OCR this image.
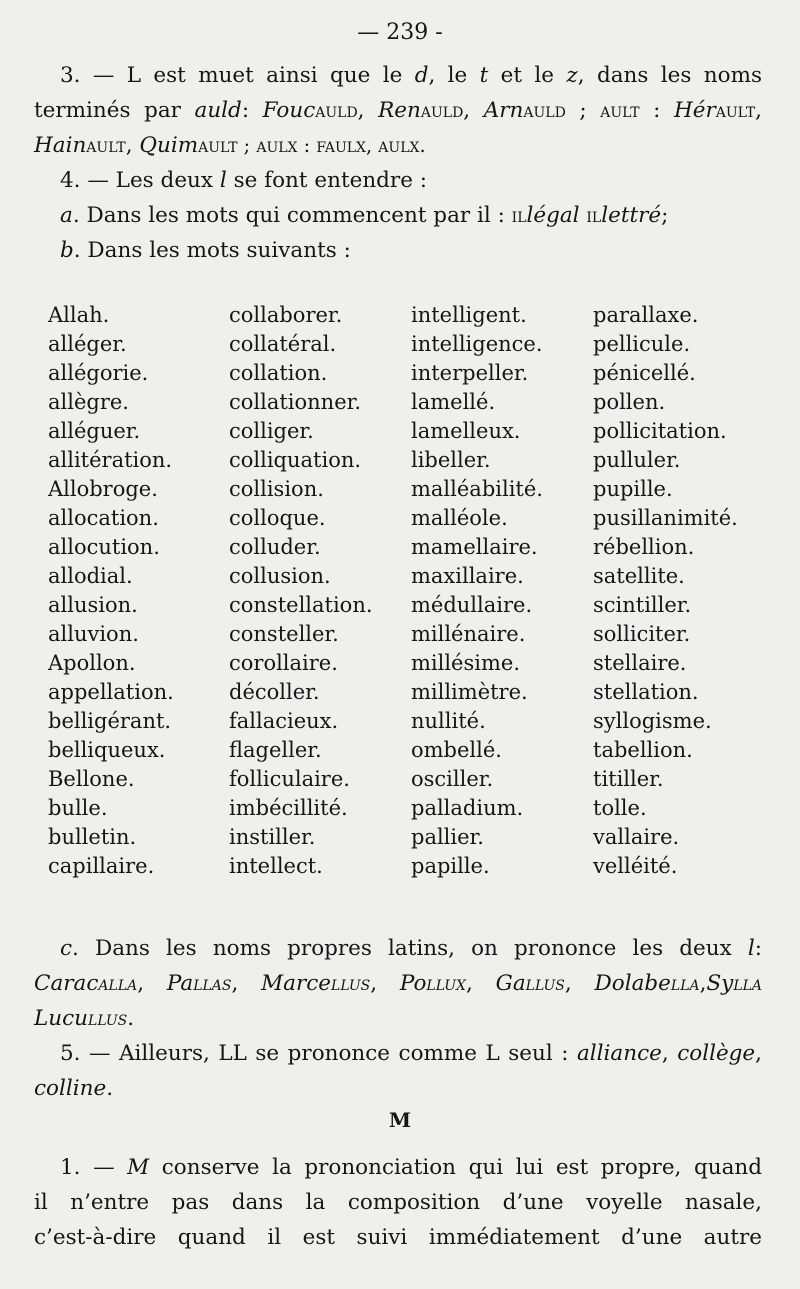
— 239 -

3. — L est muet ainsi que le d, le t et le z, dans les noms

terminés par auld: Foucauld, Renauld, Arnauld ; ault : Hérault,

Hainault, Quimault ; aulx : faulx, aulx.

4. — Les deux l se font entendre :

a. Dans les mots qui commencent par il : illégal illettré;

b. Dans les mots suivants :

Allah.	collaborer.	intelligent.	parallaxe.
alléger.	collatéral.	intelligence.	pellicule.
allégorie.	collation.	interpeller.	pénicellé.
allègre.	collationner.	lamellé.	pollen.
alléguer.	colliger.	lamelleux.	pollicitation.
allitération.	colliquation.	libeller.	pulluler.
Allobroge.	collision.	malléabilité.	pupille.
allocation.	colloque.	malléole.	pusillanimité.
allocution.	colluder.	mamellaire.	rébellion.
allodial.	collusion.	maxillaire.	satellite.
allusion.	constellation.	médullaire.	scintiller.
alluvion.	consteller.	millénaire.	solliciter.
Apollon.	corollaire.	millésime.	stellaire.
appellation.	décoller.	millimètre.	stellation.
belligérant.	fallacieux.	nullité.	syllogisme.
belliqueux.	flageller.	ombellé.	tabellion.
Bellone.	folliculaire.	osciller.	titiller.
bulle.	imbécillité.	palladium.	tolle.
bulletin.	instiller.	pallier.	vallaire.
capillaire.	intellect.	papille.	velléité.

c. Dans les noms propres latins, on prononce les deux l:

Caracalla, Pallas, Marcellus, Pollux, Gallus, Dolabella,Sylla

Lucullus.

5. — Ailleurs, LL se prononce comme L seul : alliance, collège,

colline.

M

1. — M conserve la prononciation qui lui est propre, quand

il n’entre pas dans la composition d’une voyelle nasale,

c’est-à-dire quand il est suivi immédiatement d’une autre
